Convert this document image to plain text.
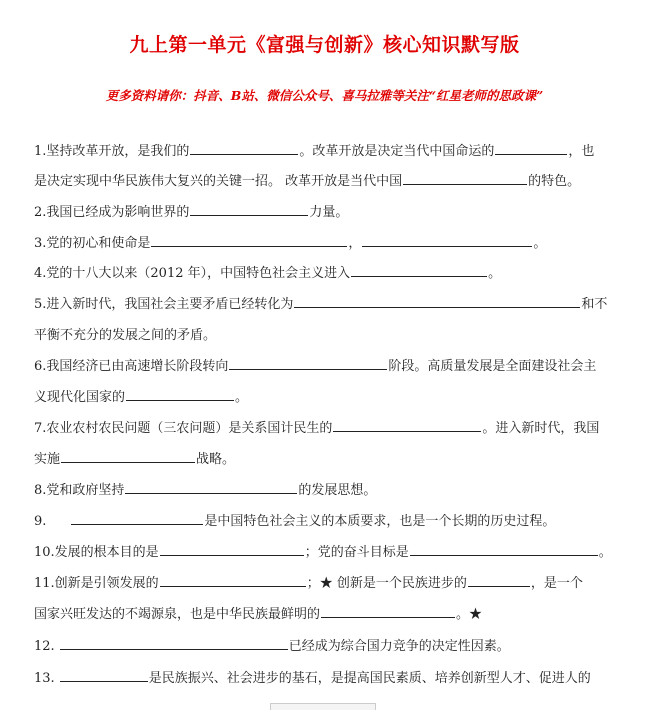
九上第一单元《富强与创新》核心知识默写版
更多资料请你：抖音、B站、微信公众号、喜马拉雅等关注“红星老师的思政课”
1.坚持改革开放，是我们的	。改革开放是决定当代中国命运的	，也
是决定实现中华民族伟大复兴的关键一招。 改革开放是当代中国	的特色。
2.我国已经成为影响世界的	力量。
3.党的初心和使命是	，	。
4.党的十八大以来（2012 年），中国特色社会主义进入	。
5.进入新时代，我国社会主要矛盾已经转化为	和不
平衡不充分的发展之间的矛盾。
6.我国经济已由高速增长阶段转向	阶段。高质量发展是全面建设社会主
义现代化国家的	。
7.农业农村农民问题（三农问题）是关系国计民生的	。进入新时代，我国
实施	战略。
8.党和政府坚持	的发展思想。
9.	是中国特色社会主义的本质要求，也是一个长期的历史过程。
10.发展的根本目的是	；党的奋斗目标是	。
11.创新是引领发展的	；★ 创新是一个民族进步的	，是一个
国家兴旺发达的不竭源泉，也是中华民族最鲜明的	。★
12.	已经成为综合国力竞争的决定性因素。
13.	是民族振兴、社会进步的基石，是提高国民素质、培养创新型人才、促进人的
